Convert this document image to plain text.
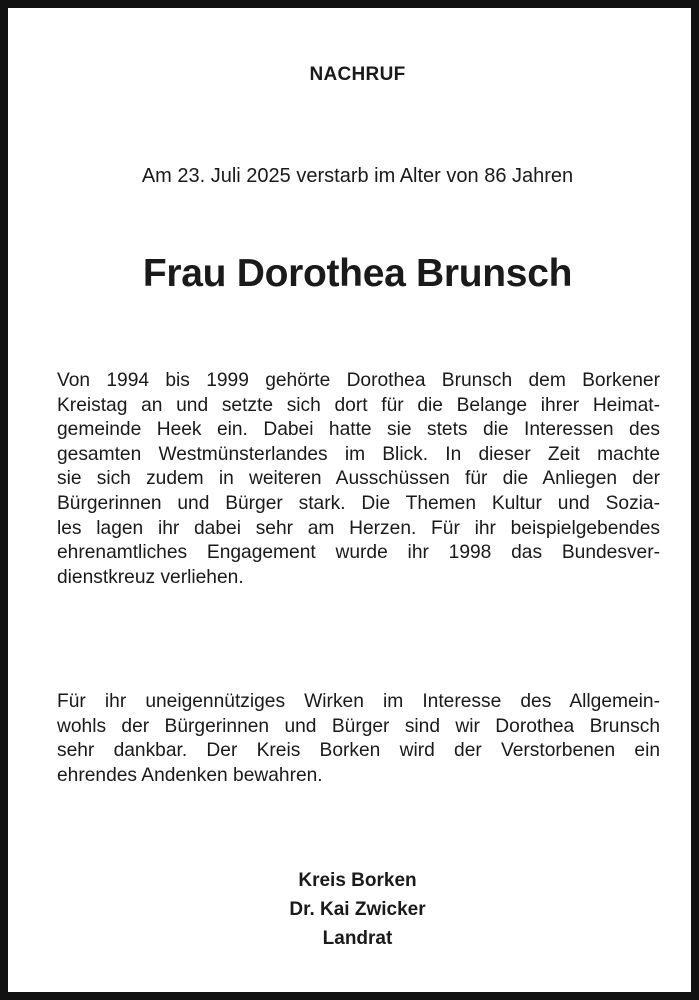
NACHRUF
Am 23. Juli 2025 verstarb im Alter von 86 Jahren
Frau Dorothea Brunsch

Von 1994 bis 1999 gehörte Dorothea Brunsch dem Borkener
Kreistag an und setzte sich dort für die Belange ihrer Heimat-
gemeinde Heek ein. Dabei hatte sie stets die Interessen des
gesamten Westmünsterlandes im Blick. In dieser Zeit machte
sie sich zudem in weiteren Ausschüssen für die Anliegen der
Bürgerinnen und Bürger stark. Die Themen Kultur und Sozia-
les lagen ihr dabei sehr am Herzen. Für ihr beispielgebendes
ehrenamtliches Engagement wurde ihr 1998 das Bundesver-
dienstkreuz verliehen.

Für ihr uneigennütziges Wirken im Interesse des Allgemein-
wohls der Bürgerinnen und Bürger sind wir Dorothea Brunsch
sehr dankbar. Der Kreis Borken wird der Verstorbenen ein
ehrendes Andenken bewahren.

Kreis Borken
Dr. Kai Zwicker
Landrat
